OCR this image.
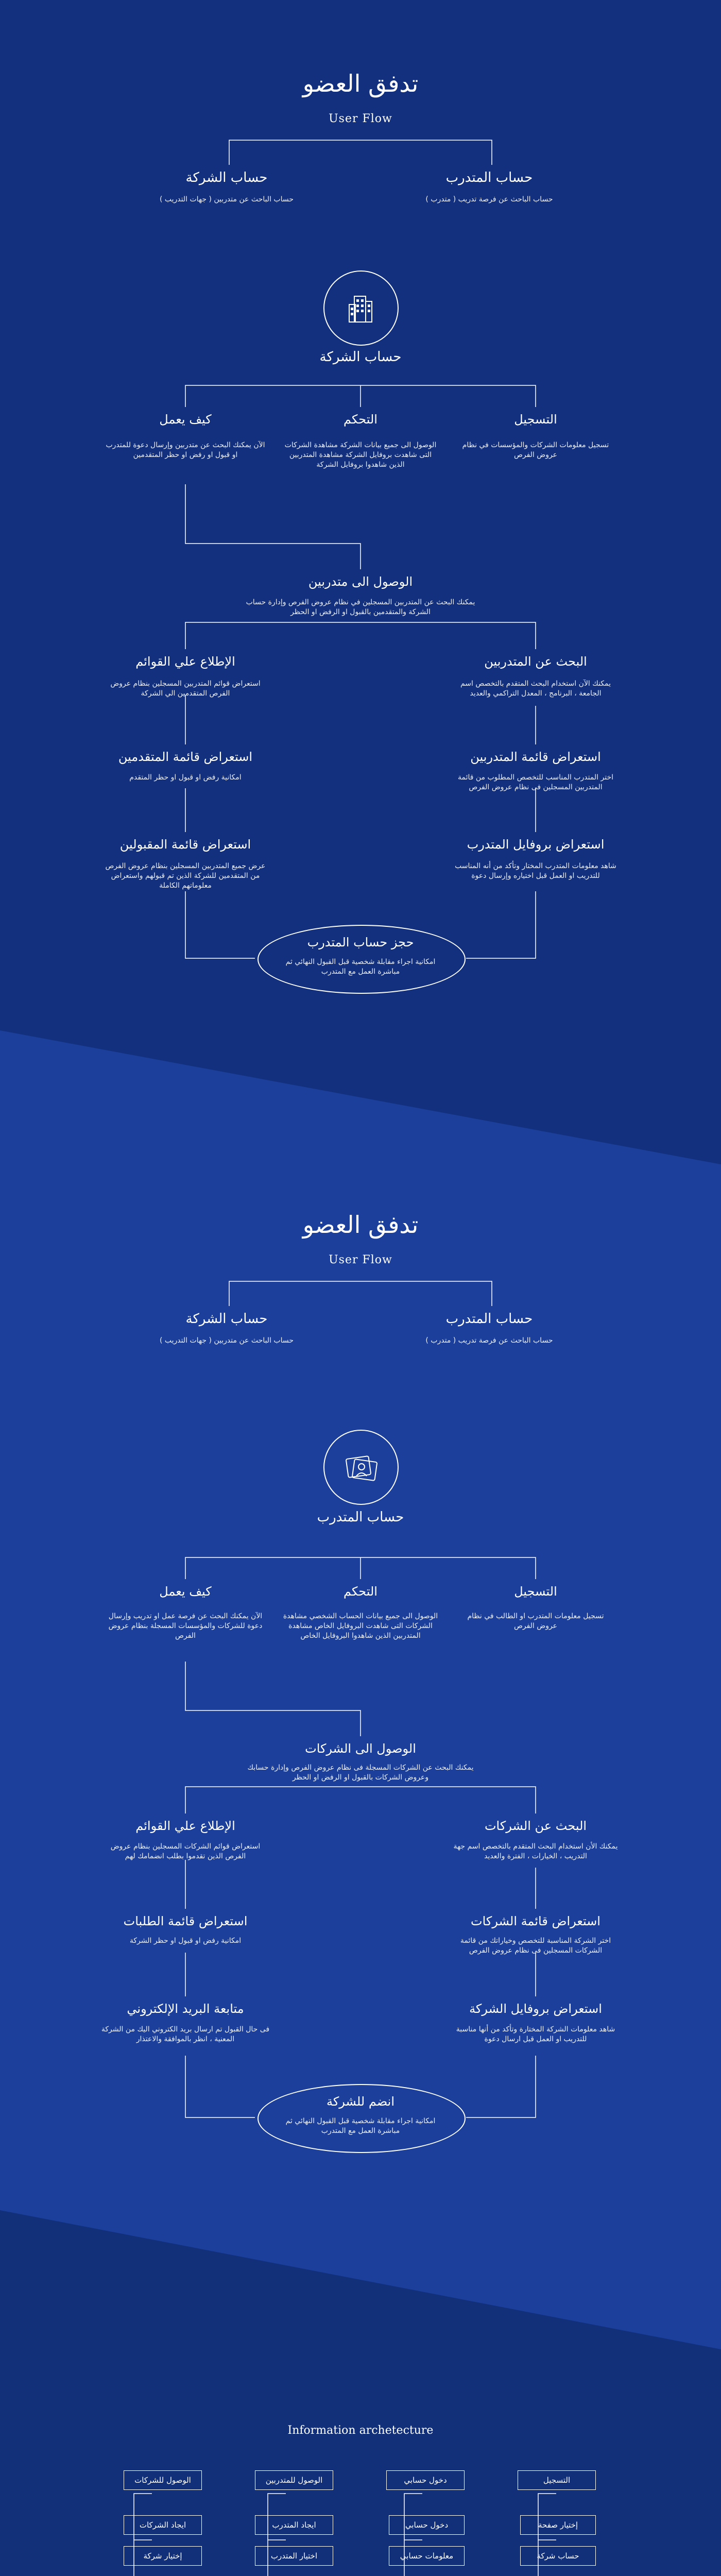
تدفق العضو
User Flow
حساب المتدرب
حساب الباحث عن فرصة تدريب ( متدرب )
حساب الشركة
حساب الباحث عن متدربين ( جهات التدريب )
حساب الشركة
التسجيل
تسجيل معلومات الشركات والمؤسسات في نظام عروض الفرص
التحكم
الوصول الى جميع بيانات الشركة مشاهدة الشركات التى شاهدت بروفايل الشركة مشاهدة المتدربين الذين شاهدوا بروفايل الشركة
كيف يعمل
الآن يمكنك البحث عن متدربين وإرسال دعوة للمتدرب او قبول او رفض او حظر المتقدمين
الوصول الى متدربين
يمكنك البحث عن المتدربين المسجلين في نظام عروض الفرص وإدارة حساب الشركة والمتقدمين بالقبول او الرفض او الحظر
البحث عن المتدربين
يمكنك الآن استخدام البحث المتقدم بالتخصص اسم الجامعة ، البرنامج ، المعدل التراكمي والعديد
الإطلاع علي القوائم
استعراض قوائم المتدربين المسجلين بنظام عروض الفرص المتقدمين الي الشركة
استعراض قائمة المتدربين
اختر المتدرب المناسب للتخصص المطلوب من قائمة المتدربين المسجلين فى نظام عروض الفرص
استعراض قائمة المتقدمين
امكانية رفض او قبول او حظر المتقدم
استعراض بروفايل المتدرب
شاهد معلومات المتدرب المختار وتأكد من أنه المناسب للتدريب او العمل قبل اختياره وإرسال دعوة
استعراض قائمة المقبولين
عرض جميع المتدربين المسجلين بنظام عروض الفرص من المتقدمين للشركة الذين تم قبولهم واستعراض معلوماتهم الكاملة
حجز حساب المتدرب
امكانية اجراء مقابلة شخصية قبل القبول النهائي ثم مباشرة العمل مع المتدرب
تدفق العضو
User Flow
حساب المتدرب
حساب الباحث عن فرصة تدريب ( متدرب )
حساب الشركة
حساب الباحث عن متدربين ( جهات التدريب )
حساب المتدرب
التسجيل
تسجيل معلومات المتدرب او الطالب في نظام عروض الفرص
التحكم
الوصول الى جميع بيانات الحساب الشخصي مشاهدة الشركات التى شاهدت البروفايل الخاص مشاهدة المتدربين الذين شاهدوا البروفايل الخاص
كيف يعمل
الآن يمكنك البحث عن فرصة عمل او تدريب وإرسال دعوة للشركات والمؤسسات المسجلة بنظام عروض الفرص
الوصول الى الشركات
يمكنك البحث عن الشركات المسجلة فى نظام عروض الفرص وإدارة حسابك وعروض الشركات بالقبول او الرفض او الحظر
البحث عن الشركات
يمكنك الأن استخدام البحث المتقدم بالتخصص اسم جهة التدريب ، الخيارات ، الفترة والعديد
الإطلاع علي القوائم
استعراض قوائم الشركات المسجلين بنظام عروض الفرص الذين تقدموا بطلب انضمامك لهم
استعراض قائمة الشركات
اختر الشركة المناسبة للتخصص وخياراتك من قائمة الشركات المسجلين فى نظام عروض الفرص
استعراض قائمة الطلبات
امكانية رفض او قبول او حظر الشركة
استعراض بروفايل الشركة
شاهد معلومات الشركة المختارة وتأكد من أنها مناسبة للتدريب او العمل قبل ارسال دعوة
متابعة البريد الإلكتروني
فى حال القبول تم ارسال بريد الكتروني اليك من الشركة المعنية ، انظر بالموافقة والاعتذار
انضم للشركة
امكانية اجراء مقابلة شخصية قبل القبول النهائي ثم مباشرة العمل مع المتدرب
Information archetecture
التسجيل
دخول حسابي
الوصول للمتدربين
الوصول للشركات
إختيار صفحة
حساب شركة
دخول حسابي
معلومات حسابي
ايجاد المتدرب
اختيار المتدرب
ايجاد الشركات
إختيار شركة
